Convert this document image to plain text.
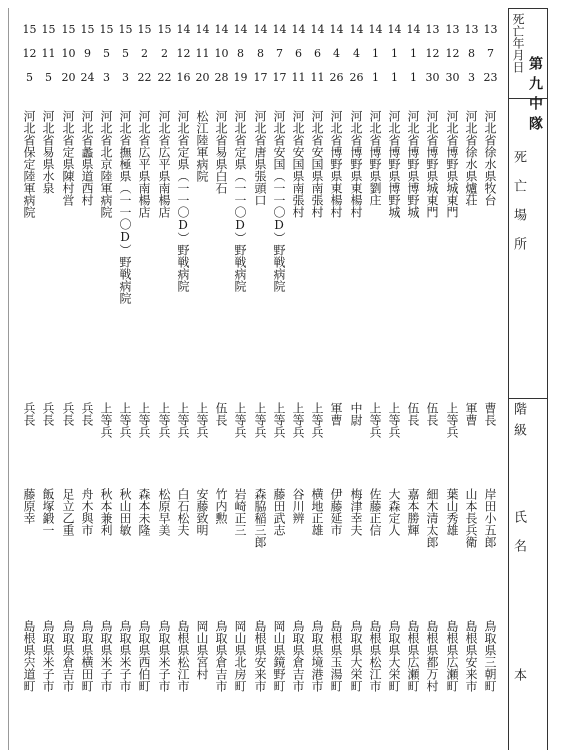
第九中隊
死亡年月日
死亡場所
階級
氏名
本
13
7
23
河北省徐水県牧台
曹長
岸田小五郎
鳥取県三朝町
13
8
3
河北省徐水県爐荘
軍曹
山本長兵衛
島根県安来市
13
12
30
河北省博野県城東門
上等兵
葉山秀雄
島根県広瀬町
13
12
30
河北省博野県城東門
伍長
細木清太郎
島根県都万村
14
1
1
河北省博野県博野城
伍長
嘉本勝輝
島根県広瀬町
14
1
1
河北省博野県博野城
上等兵
大森定人
鳥取県大栄町
14
1
1
河北省博野県劉庄
上等兵
佐藤正信
島根県松江市
14
4
26
河北省博野県東楊村
中尉
梅津幸夫
鳥取県大栄町
14
4
26
河北省博野県東楊村
軍曹
伊藤延市
島根県玉湯町
14
6
11
河北省安国県南張村
上等兵
横地正雄
鳥取県境港市
14
6
11
河北省安国県南張村
上等兵
谷川辨
鳥取県倉吉市
14
7
17
河北省安国（一一〇D）野戦病院
上等兵
藤田武志
岡山県鏡野町
14
8
17
河北省唐県張頭口
上等兵
森脇稲三郎
島根県安来市
14
8
19
河北省定県（一一〇D）野戦病院
上等兵
岩崎正三
岡山県北房町
14
10
28
河北省易県白石
伍長
竹内勲
鳥取県倉吉市
14
11
20
松江陸軍病院
上等兵
安藤致明
岡山県宮村
14
12
16
河北省定県（一一〇D）野戦病院
上等兵
白石松夫
島根県松江市
15
2
22
河北省広平県南楊店
上等兵
松原早美
鳥取県米子市
15
2
22
河北省広平県南楊店
上等兵
森本未隆
鳥取県西伯町
15
5
3
河北省撫極県（一一〇D）野戦病院
上等兵
秋山田敏
鳥取県米子市
15
5
3
河北省北京陸軍病院
上等兵
秋本兼利
鳥取県米子市
15
9
24
河北省蠡県道西村
兵長
舟木與市
鳥取県横田町
15
10
20
河北省定県陳村営
兵長
足立乙重
鳥取県倉吉市
15
11
5
河北省易県水泉
兵長
飯塚鍛一
鳥取県米子市
15
12
5
河北省保定陸軍病院
兵長
藤原幸
島根県宍道町
